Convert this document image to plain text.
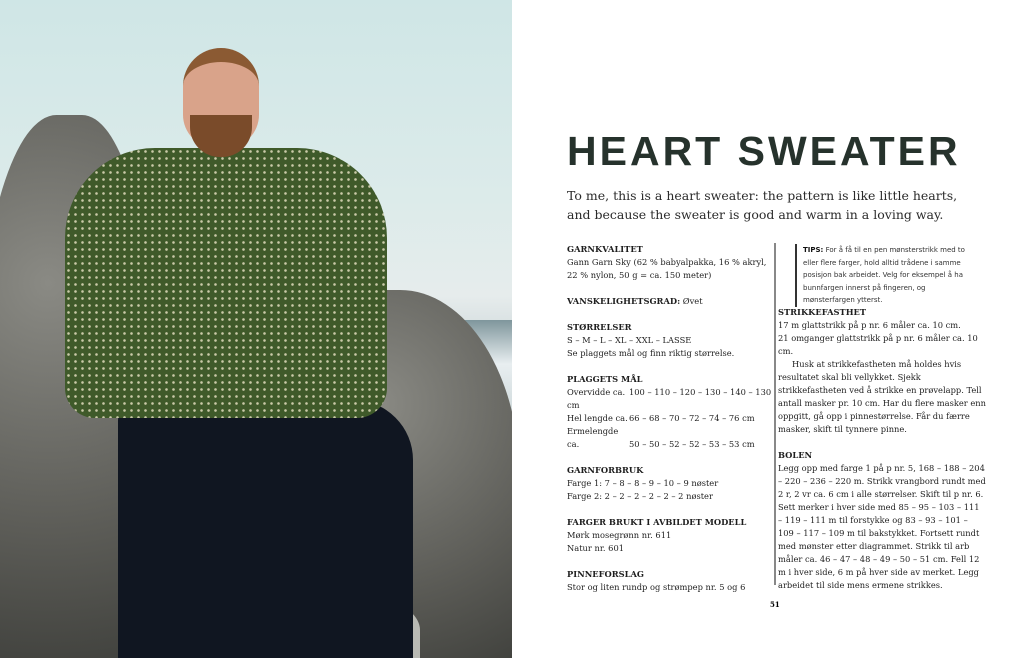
HEART SWEATER

To me, this is a heart sweater: the pattern is like little hearts, and because the sweater is good and warm in a loving way.

GARNKVALITET

Gann Garn Sky (62 % babyalpakka, 16 % akryl,

22 % nylon, 50 g = ca. 150 meter)

VANSKELIGHETSGRAD: Øvet

STØRRELSER

S – M – L – XL – XXL – LASSE

Se plaggets mål og finn riktig størrelse.

PLAGGETS MÅL

Overvidde ca. 100 – 110 – 120 – 130 – 140 – 130 cm

Hel lengde ca.66 – 68 – 70 – 72 – 74 – 76 cm

Ermelengde ca.	50 – 50 – 52 – 52 – 53 – 53 cm

GARNFORBRUK

Farge 1: 7 – 8 – 8 – 9 – 10 – 9 nøster

Farge 2: 2 – 2 – 2 – 2 – 2 – 2 nøster

FARGER BRUKT I AVBILDET MODELL

Mørk mosegrønn nr. 611

Natur nr. 601

PINNEFORSLAG

Stor og liten rundp og strømpep nr. 5 og 6

TIPS: For å få til en pen mønsterstrikk med to eller flere farger, hold alltid trådene i samme posisjon bak arbeidet. Velg for eksempel å ha bunnfargen innerst på fingeren, og mønsterfargen ytterst.
STRIKKEFASTHET

17 m glattstrikk på p nr. 6 måler ca. 10 cm.

21 omganger glattstrikk på p nr. 6 måler ca. 10 cm.

Husk at strikkefastheten må holdes hvis resultatet skal bli vellykket. Sjekk strikkefastheten ved å strikke en prøvelapp. Tell antall masker pr. 10 cm. Har du flere masker enn oppgitt, gå opp i pinnestørrelse. Får du færre masker, skift til tynnere pinne.

BOLEN

Legg opp med farge 1 på p nr. 5, 168 – 188 – 204 – 220 – 236 – 220 m. Strikk vrangbord rundt med 2 r, 2 vr ca. 6 cm i alle størrelser. Skift til p nr. 6. Sett merker i hver side med 85 – 95 – 103 – 111 – 119 – 111 m til forstykke og 83 – 93 – 101 – 109 – 117 – 109 m til bakstykket. Fortsett rundt med mønster etter diagrammet. Strikk til arb måler ca. 46 – 47 – 48 – 49 – 50 – 51 cm. Fell 12 m i hver side, 6 m på hver side av merket. Legg arbeidet til side mens ermene strikkes.

51
